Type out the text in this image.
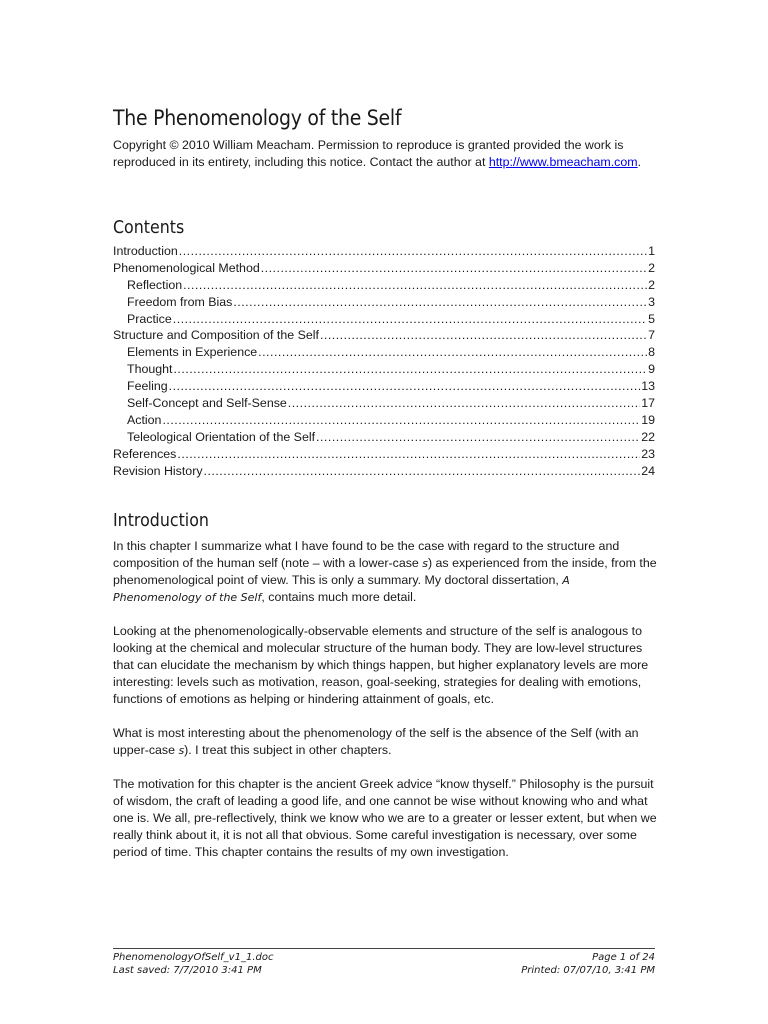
The Phenomenology of the Self

Copyright © 2010 William Meacham. Permission to reproduce is granted provided the work is reproduced in its entirety, including this notice. Contact the author at http://www.bmeacham.com.

Contents
Introduction .....	1
Phenomenological Method .....	2
Reflection .....	2
Freedom from Bias .....	3
Practice .....	5
Structure and Composition of the Self .....	7
Elements in Experience .....	8
Thought .....	9
Feeling .....	13
Self-Concept and Self-Sense .....	17
Action .....	19
Teleological Orientation of the Self .....	22
References .....	23
Revision History .....	24
Introduction

In this chapter I summarize what I have found to be the case with regard to the structure and composition of the human self (note – with a lower-case s) as experienced from the inside, from the phenomenological point of view. This is only a summary. My doctoral dissertation, A Phenomenology of the Self, contains much more detail.

Looking at the phenomenologically-observable elements and structure of the self is analogous to looking at the chemical and molecular structure of the human body. They are low-level structures that can elucidate the mechanism by which things happen, but higher explanatory levels are more interesting: levels such as motivation, reason, goal-seeking, strategies for dealing with emotions, functions of emotions as helping or hindering attainment of goals, etc.

What is most interesting about the phenomenology of the self is the absence of the Self (with an upper-case s). I treat this subject in other chapters.

The motivation for this chapter is the ancient Greek advice “know thyself.” Philosophy is the pursuit of wisdom, the craft of leading a good life, and one cannot be wise without knowing who and what one is. We all, pre-reflectively, think we know who we are to a greater or lesser extent, but when we really think about it, it is not all that obvious. Some careful investigation is necessary, over some period of time. This chapter contains the results of my own investigation.

PhenomenologyOfSelf_v1_1.doc	Page 1 of 24
Last saved: 7/7/2010 3:41 PM	Printed: 07/07/10, 3:41 PM
